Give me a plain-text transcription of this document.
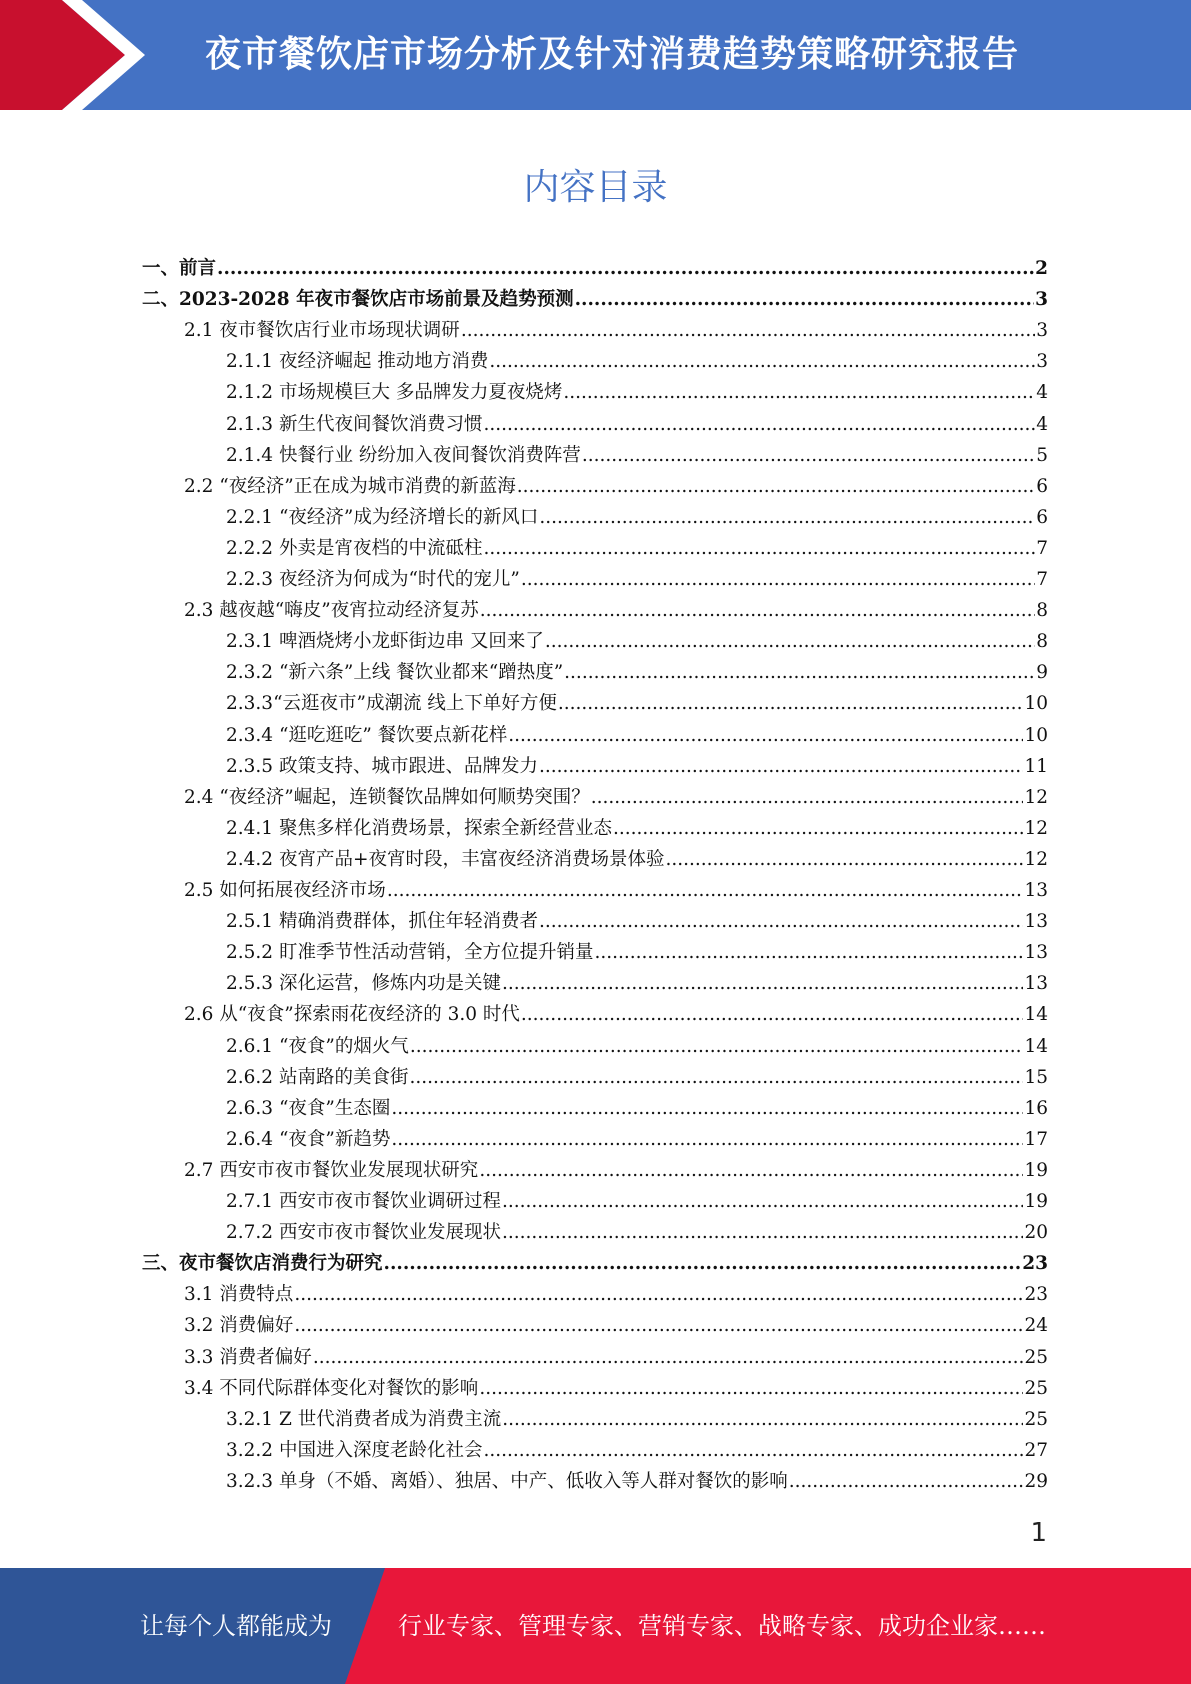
夜市餐饮店市场分析及针对消费趋势策略研究报告
内容目录
一、前言 .....	2
二、2023-2028 年夜市餐饮店市场前景及趋势预测 .....	3
2.1 夜市餐饮店行业市场现状调研 .....	3
2.1.1 夜经济崛起 推动地方消费 .....	3
2.1.2 市场规模巨大 多品牌发力夏夜烧烤 .....	4
2.1.3 新生代夜间餐饮消费习惯 .....	4
2.1.4 快餐行业 纷纷加入夜间餐饮消费阵营 .....	5
2.2 “夜经济”正在成为城市消费的新蓝海 .....	6
2.2.1 “夜经济”成为经济增长的新风口 .....	6
2.2.2 外卖是宵夜档的中流砥柱 .....	7
2.2.3 夜经济为何成为“时代的宠儿” .....	7
2.3 越夜越“嗨皮”夜宵拉动经济复苏 .....	8
2.3.1 啤酒烧烤小龙虾街边串 又回来了 .....	8
2.3.2 “新六条”上线 餐饮业都来“蹭热度” .....	9
2.3.3“云逛夜市”成潮流 线上下单好方便 .....	10
2.3.4 “逛吃逛吃” 餐饮要点新花样 .....	10
2.3.5 政策支持、城市跟进、品牌发力 .....	11
2.4 “夜经济”崛起，连锁餐饮品牌如何顺势突围？ .....	12
2.4.1 聚焦多样化消费场景，探索全新经营业态 .....	12
2.4.2 夜宵产品+夜宵时段，丰富夜经济消费场景体验 .....	12
2.5 如何拓展夜经济市场 .....	13
2.5.1 精确消费群体，抓住年轻消费者 .....	13
2.5.2 盯准季节性活动营销，全方位提升销量 .....	13
2.5.3 深化运营，修炼内功是关键 .....	13
2.6 从“夜食”探索雨花夜经济的 3.0 时代 .....	14
2.6.1 “夜食”的烟火气 .....	14
2.6.2 站南路的美食街 .....	15
2.6.3 “夜食”生态圈 .....	16
2.6.4 “夜食”新趋势 .....	17
2.7 西安市夜市餐饮业发展现状研究 .....	19
2.7.1 西安市夜市餐饮业调研过程 .....	19
2.7.2 西安市夜市餐饮业发展现状 .....	20
三、夜市餐饮店消费行为研究 .....	23
3.1 消费特点 .....	23
3.2 消费偏好 .....	24
3.3 消费者偏好 .....	25
3.4 不同代际群体变化对餐饮的影响 .....	25
3.2.1 Z 世代消费者成为消费主流 .....	25
3.2.2 中国进入深度老龄化社会 .....	27
3.2.3 单身（不婚、离婚）、独居、中产、低收入等人群对餐饮的影响 .....	29
1
让每个人都能成为	行业专家、管理专家、营销专家、战略专家、成功企业家……
